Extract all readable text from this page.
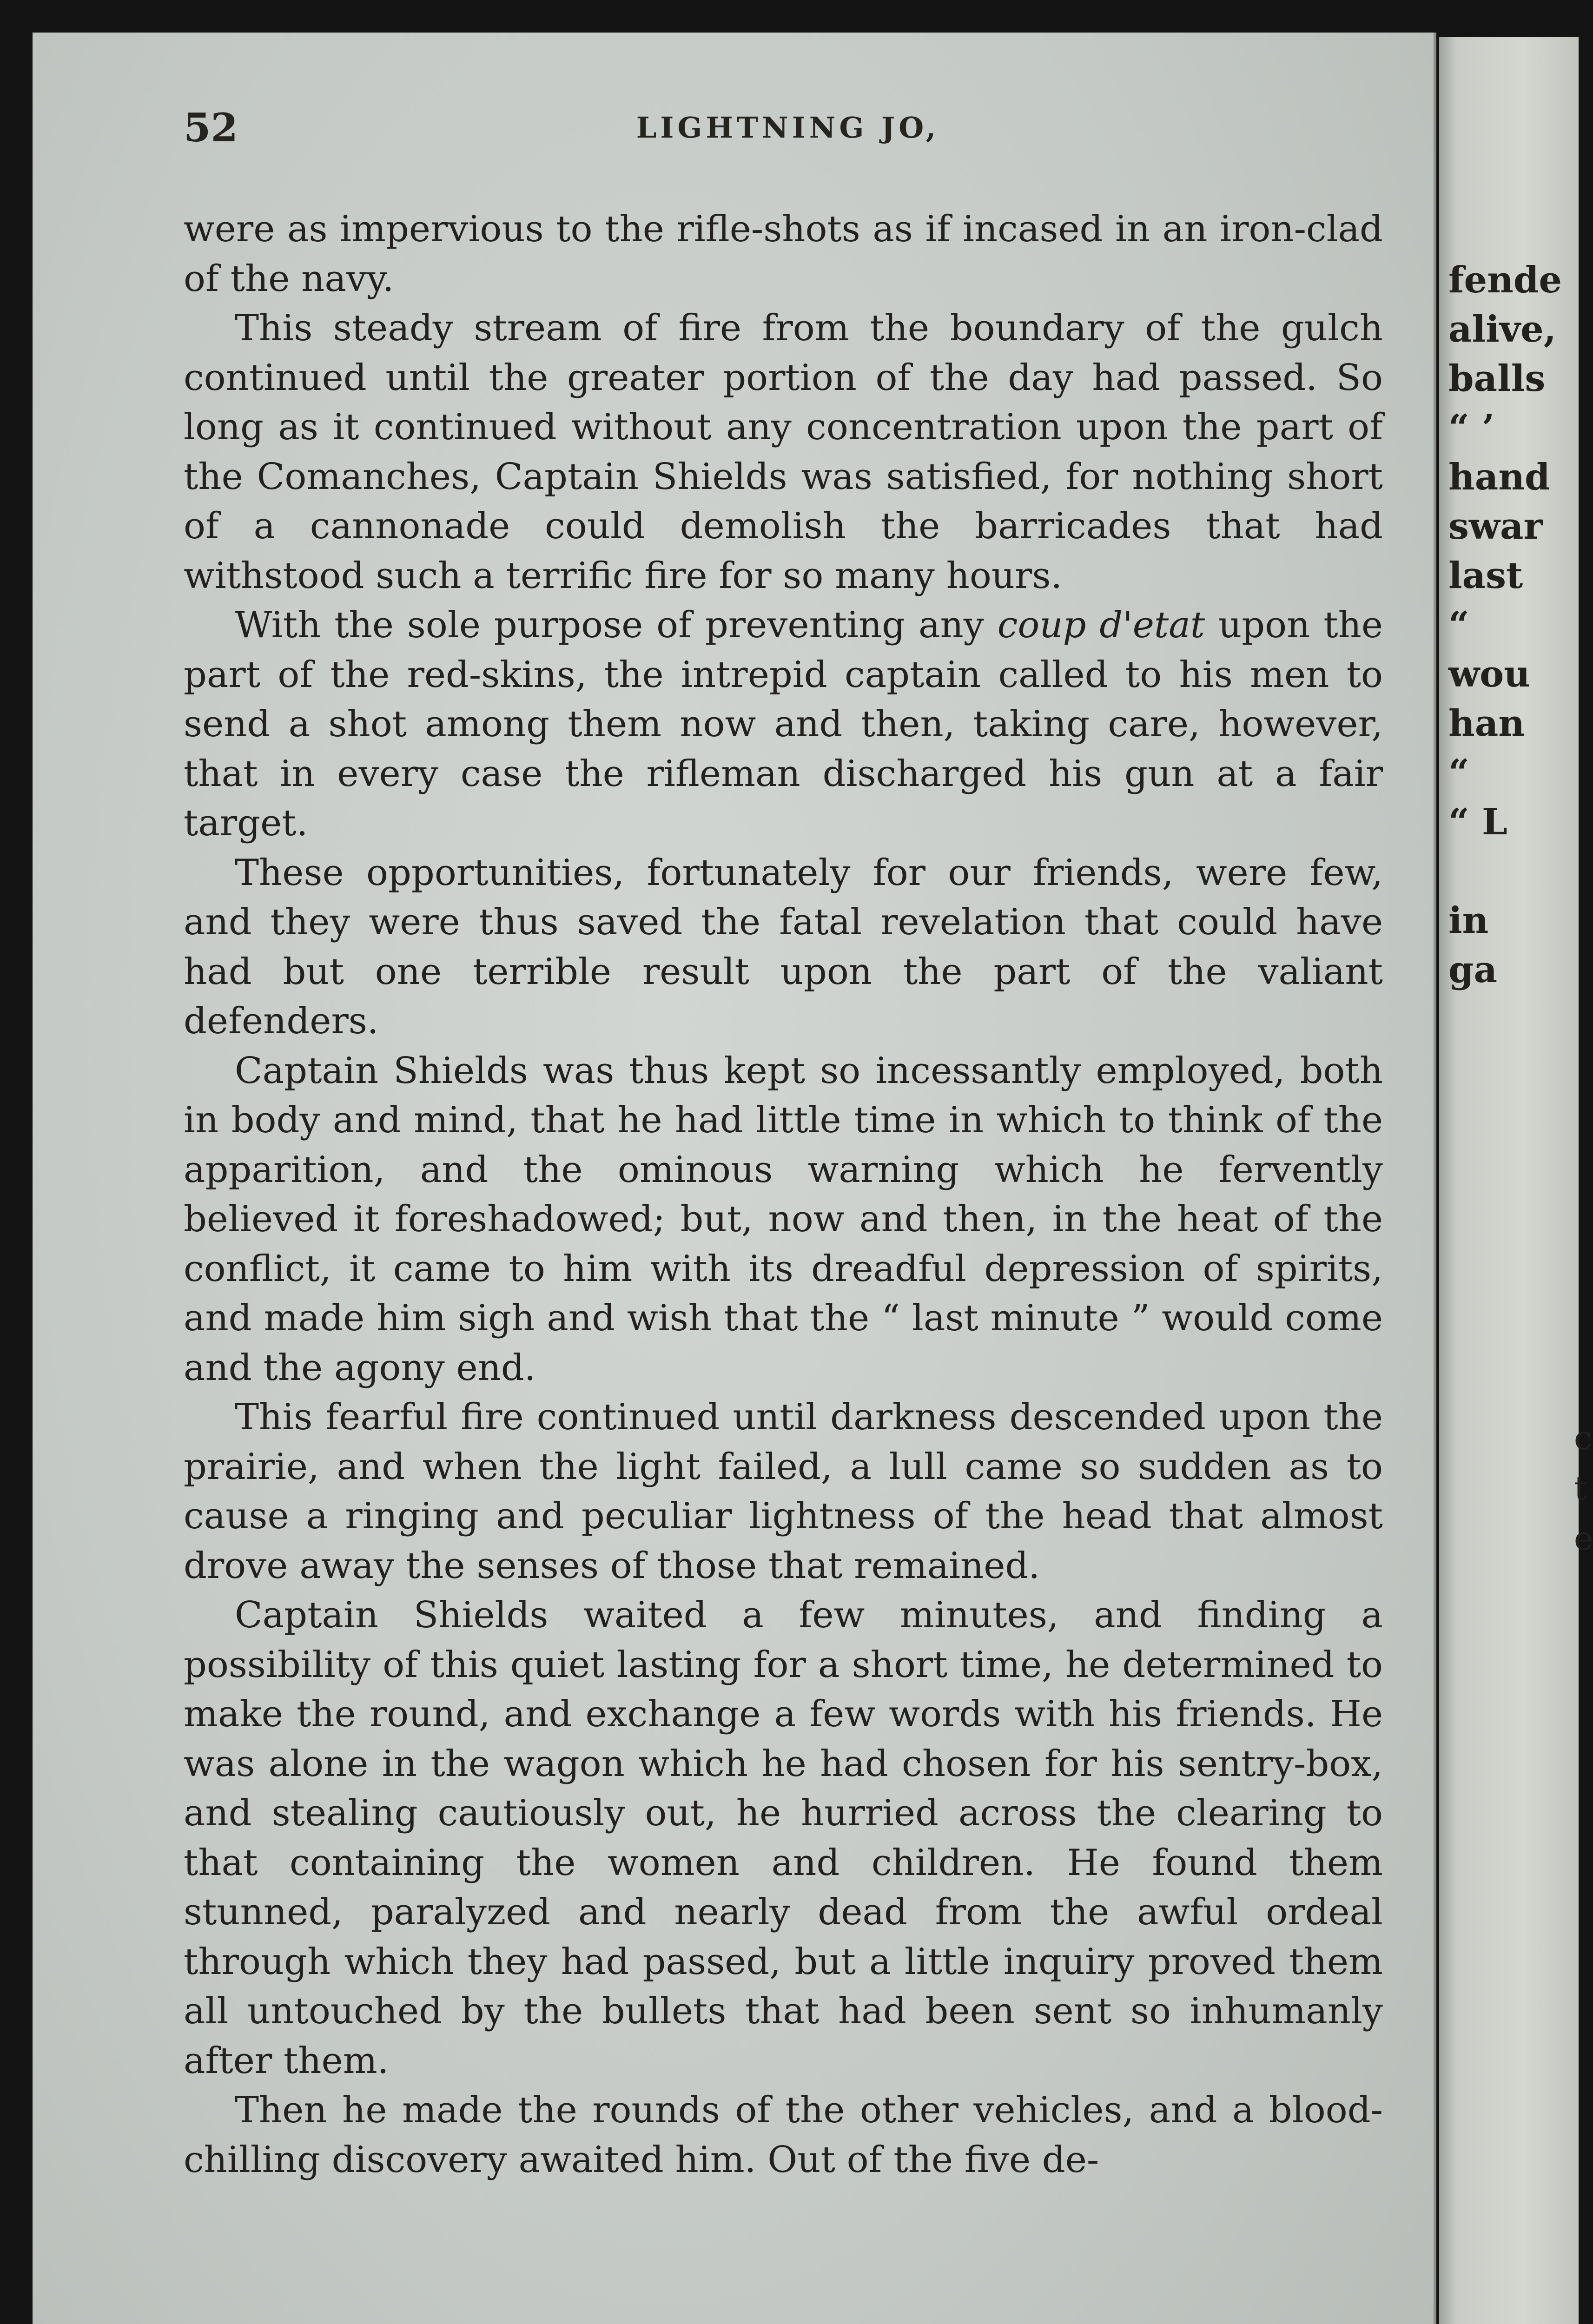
52	LIGHTNING JO,

were as impervious to the rifle-shots as if incased in an iron-clad of the navy.

This steady stream of fire from the boundary of the gulch continued until the greater portion of the day had passed. So long as it continued without any concentration upon the part of the Comanches, Captain Shields was satisfied, for nothing short of a cannonade could demolish the barricades that had withstood such a terrific fire for so many hours.

With the sole purpose of preventing any coup d'etat upon the part of the red-skins, the intrepid captain called to his men to send a shot among them now and then, taking care, however, that in every case the rifleman discharged his gun at a fair target.

These opportunities, fortunately for our friends, were few, and they were thus saved the fatal revelation that could have had but one terrible result upon the part of the valiant defenders.

Captain Shields was thus kept so incessantly employed, both in body and mind, that he had little time in which to think of the apparition, and the ominous warning which he fervently believed it foreshadowed; but, now and then, in the heat of the conflict, it came to him with its dreadful depression of spirits, and made him sigh and wish that the “ last minute ” would come and the agony end.

This fearful fire continued until darkness descended upon the prairie, and when the light failed, a lull came so sudden as to cause a ringing and peculiar lightness of the head that almost drove away the senses of those that remained.

Captain Shields waited a few minutes, and finding a possibility of this quiet lasting for a short time, he determined to make the round, and exchange a few words with his friends. He was alone in the wagon which he had chosen for his sentry-box, and stealing cautiously out, he hurried across the clearing to that containing the women and children. He found them stunned, paralyzed and nearly dead from the awful ordeal through which they had passed, but a little inquiry proved them all untouched by the bullets that had been sent so inhumanly after them.

Then he made the rounds of the other vehicles, and a blood-chilling discovery awaited him. Out of the five de-

fende
alive,
balls
“ ’
hand
swar
last
“
wou
han
“
“ L
in
ga
c
t
e
